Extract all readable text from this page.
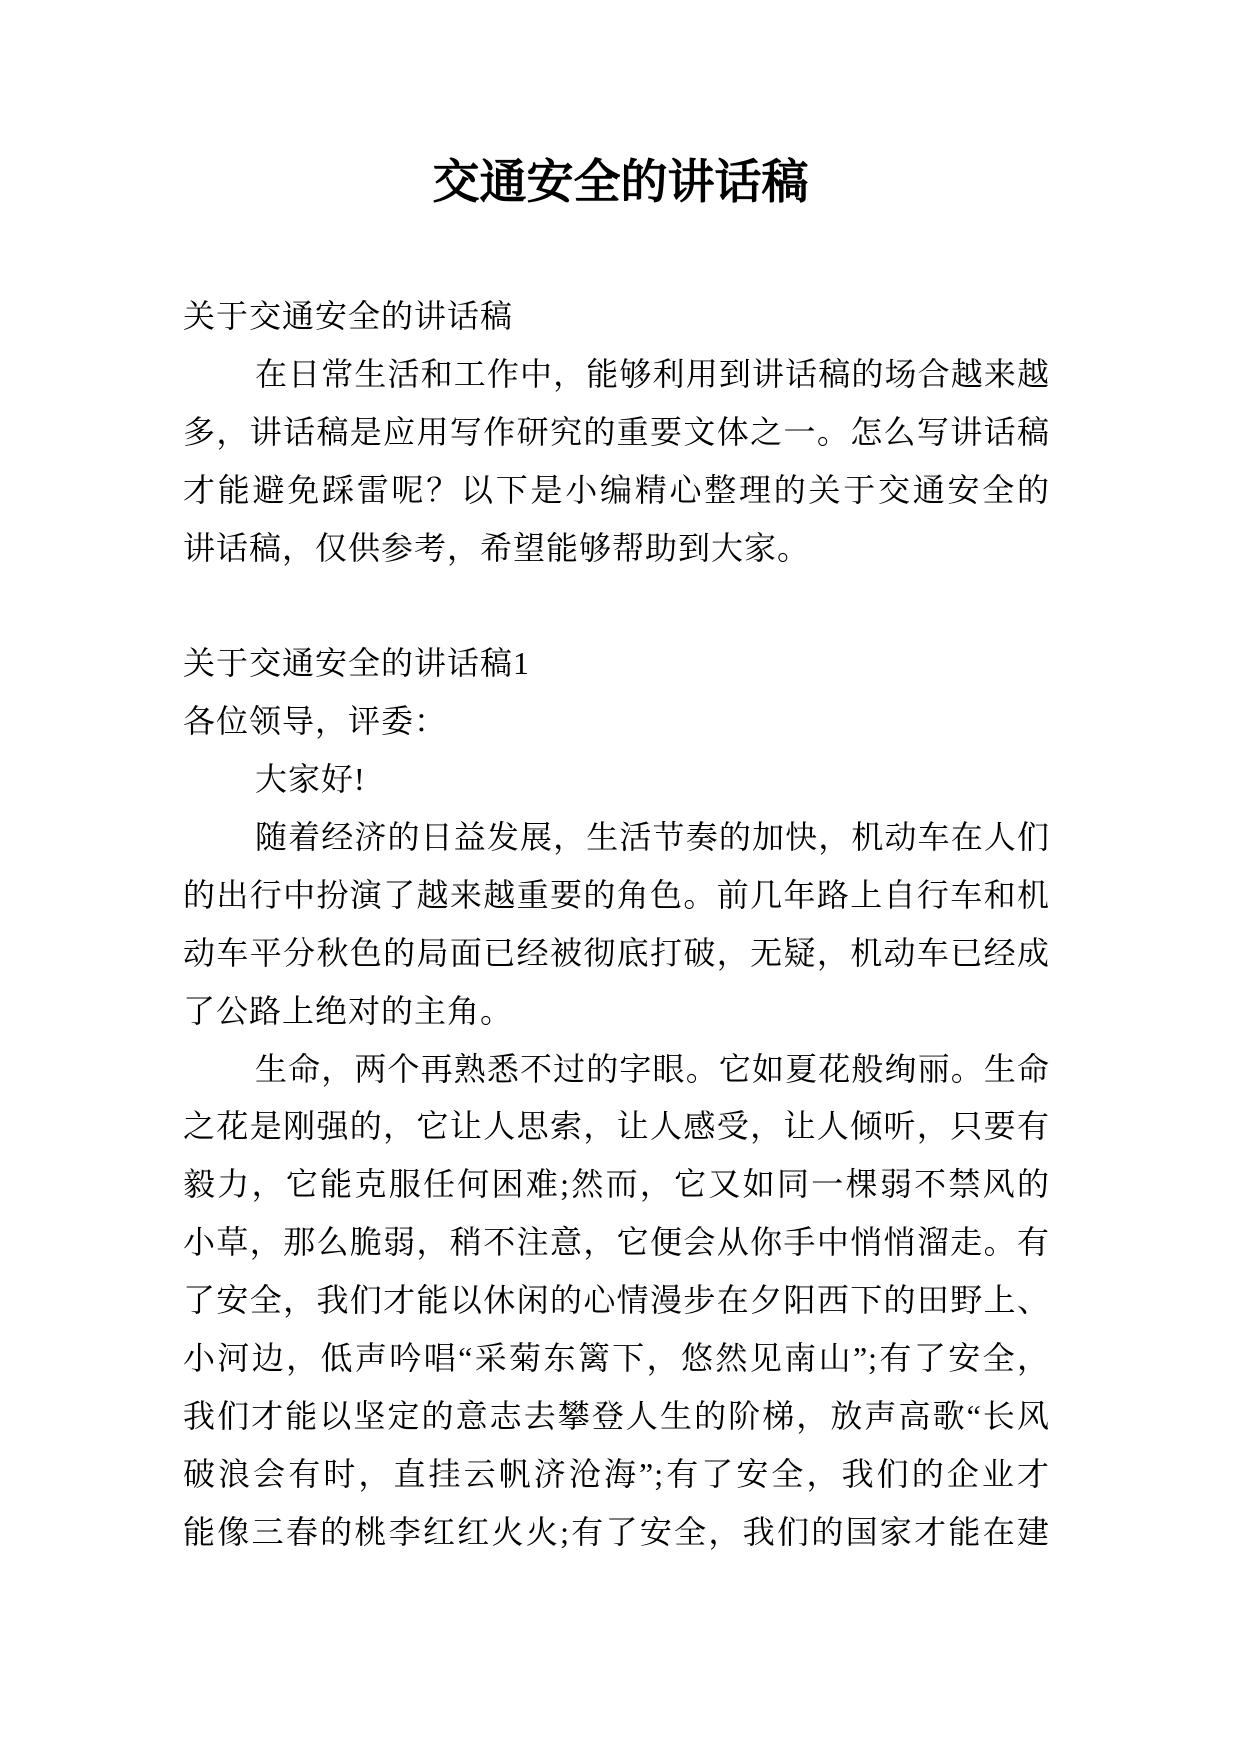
交通安全的讲话稿
关于交通安全的讲话稿
在日常生活和工作中，能够利用到讲话稿的场合越来越
多，讲话稿是应用写作研究的重要文体之一。怎么写讲话稿
才能避免踩雷呢？以下是小编精心整理的关于交通安全的
讲话稿，仅供参考，希望能够帮助到大家。
关于交通安全的讲话稿1
各位领导，评委：
大家好!
随着经济的日益发展，生活节奏的加快，机动车在人们
的出行中扮演了越来越重要的角色。前几年路上自行车和机
动车平分秋色的局面已经被彻底打破，无疑，机动车已经成
了公路上绝对的主角。
生命，两个再熟悉不过的字眼。它如夏花般绚丽。生命
之花是刚强的，它让人思索，让人感受，让人倾听，只要有
毅力，它能克服任何困难;然而，它又如同一棵弱不禁风的
小草，那么脆弱，稍不注意，它便会从你手中悄悄溜走。有
了安全，我们才能以休闲的心情漫步在夕阳西下的田野上、
小河边，低声吟唱“采菊东篱下，悠然见南山”;有了安全，
我们才能以坚定的意志去攀登人生的阶梯，放声高歌“长风
破浪会有时，直挂云帆济沧海”;有了安全，我们的企业才
能像三春的桃李红红火火;有了安全，我们的国家才能在建
